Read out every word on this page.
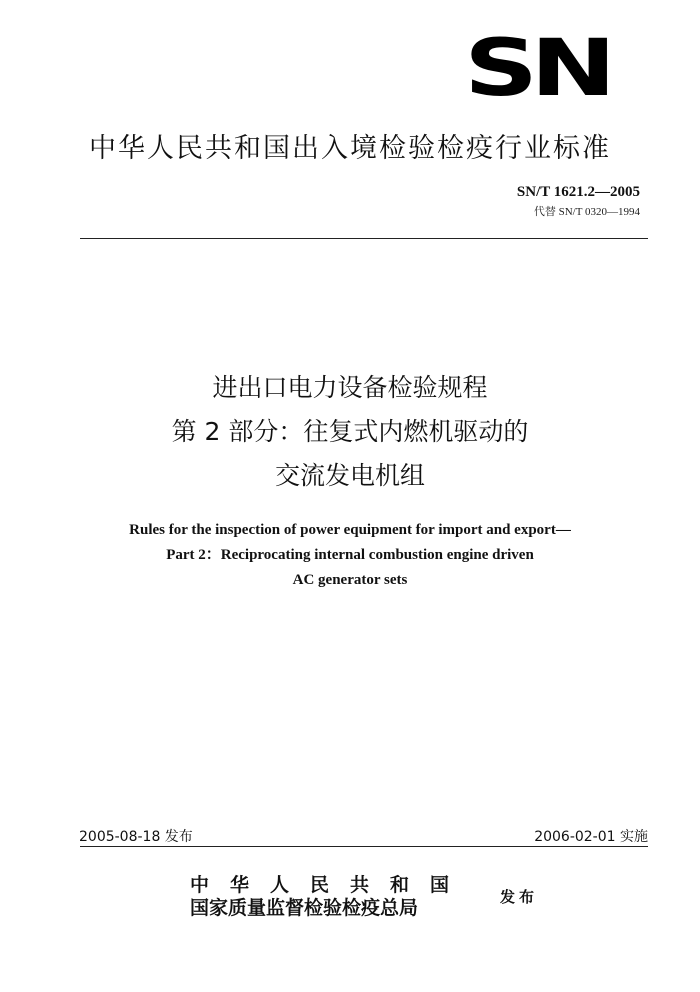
SN
中华人民共和国出入境检验检疫行业标准
SN/T 1621.2—2005
代替 SN/T 0320—1994
进出口电力设备检验规程
第 2 部分：往复式内燃机驱动的
交流发电机组
Rules for the inspection of power equipment for import and export—
Part 2：Reciprocating internal combustion engine driven
AC generator sets
2005-08-18 发布	2006-02-01 实施
中华人民共和国
国家质量监督检验检疫总局	发布
